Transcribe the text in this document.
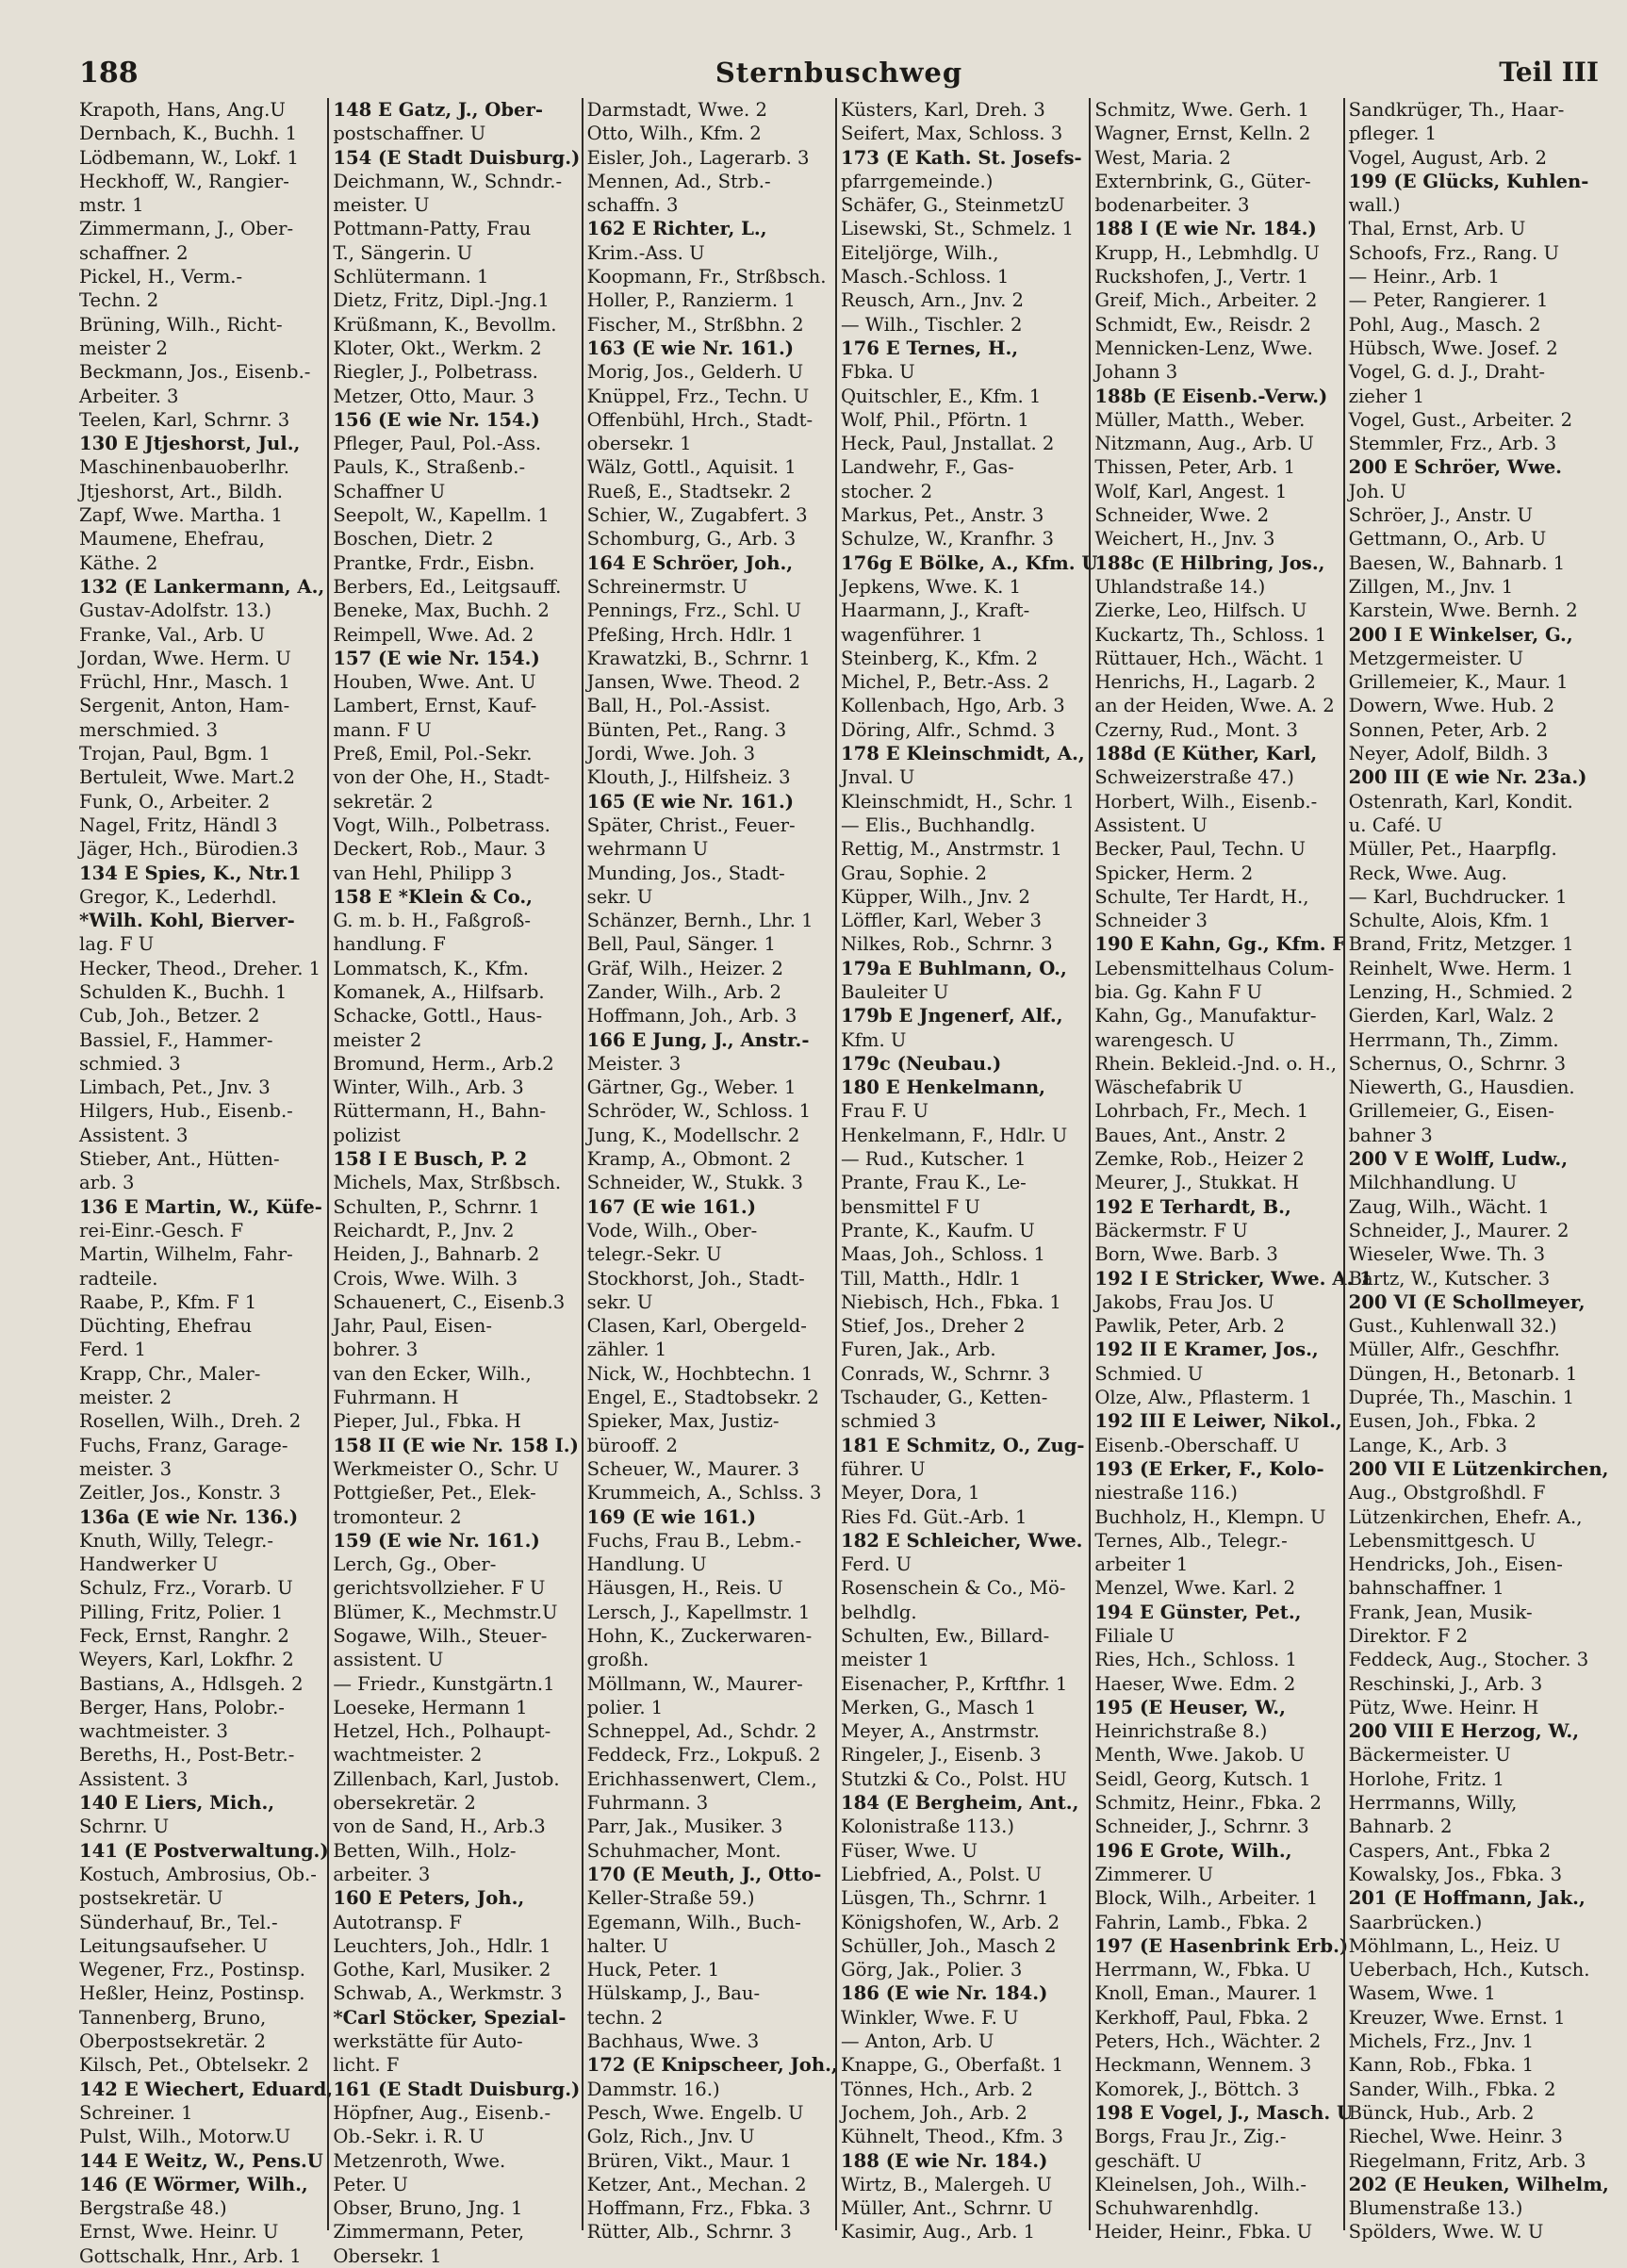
188	Sternbuschweg	Teil III
Krapoth, Hans, Ang.U
Dernbach, K., Buchh. 1
Lödbemann, W., Lokf. 1
Heckhoff, W., Rangier-
mstr. 1
Zimmermann, J., Ober-
schaffner. 2
Pickel, H., Verm.-
Techn. 2
Brüning, Wilh., Richt-
meister 2
Beckmann, Jos., Eisenb.-
Arbeiter. 3
Teelen, Karl, Schrnr. 3
130 E Jtjeshorst, Jul.,
Maschinenbauoberlhr.
Jtjeshorst, Art., Bildh.
Zapf, Wwe. Martha. 1
Maumene, Ehefrau,
Käthe. 2
132 (E Lankermann, A.,
Gustav-Adolfstr. 13.)
Franke, Val., Arb. U
Jordan, Wwe. Herm. U
Früchl, Hnr., Masch. 1
Sergenit, Anton, Ham-
merschmied. 3
Trojan, Paul, Bgm. 1
Bertuleit, Wwe. Mart.2
Funk, O., Arbeiter. 2
Nagel, Fritz, Händl 3
Jäger, Hch., Bürodien.3
134 E Spies, K., Ntr.1
Gregor, K., Lederhdl.
*Wilh. Kohl, Bierver-
lag. F U
Hecker, Theod., Dreher. 1
Schulden K., Buchh. 1
Cub, Joh., Betzer. 2
Bassiel, F., Hammer-
schmied. 3
Limbach, Pet., Jnv. 3
Hilgers, Hub., Eisenb.-
Assistent. 3
Stieber, Ant., Hütten-
arb. 3
136 E Martin, W., Küfe-
rei-Einr.-Gesch. F
Martin, Wilhelm, Fahr-
radteile.
Raabe, P., Kfm. F 1
Düchting, Ehefrau
Ferd. 1
Krapp, Chr., Maler-
meister. 2
Rosellen, Wilh., Dreh. 2
Fuchs, Franz, Garage-
meister. 3
Zeitler, Jos., Konstr. 3
136a (E wie Nr. 136.)
Knuth, Willy, Telegr.-
Handwerker U
Schulz, Frz., Vorarb. U
Pilling, Fritz, Polier. 1
Feck, Ernst, Ranghr. 2
Weyers, Karl, Lokfhr. 2
Bastians, A., Hdlsgeh. 2
Berger, Hans, Polobr.-
wachtmeister. 3
Bereths, H., Post-Betr.-
Assistent. 3
140 E Liers, Mich.,
Schrnr. U
141 (E Postverwaltung.)
Kostuch, Ambrosius, Ob.-
postsekretär. U
Sünderhauf, Br., Tel.-
Leitungsaufseher. U
Wegener, Frz., Postinsp.
Heßler, Heinz, Postinsp.
Tannenberg, Bruno,
Oberpostsekretär. 2
Kilsch, Pet., Obtelsekr. 2
142 E Wiechert, Eduard,
Schreiner. 1
Pulst, Wilh., Motorw.U
144 E Weitz, W., Pens.U
146 (E Wörmer, Wilh.,
Bergstraße 48.)
Ernst, Wwe. Heinr. U
Gottschalk, Hnr., Arb. 1
148 E Gatz, J., Ober-
postschaffner. U
154 (E Stadt Duisburg.)
Deichmann, W., Schndr.-
meister. U
Pottmann-Patty, Frau
T., Sängerin. U
Schlütermann. 1
Dietz, Fritz, Dipl.-Jng.1
Krüßmann, K., Bevollm.
Kloter, Okt., Werkm. 2
Riegler, J., Polbetrass.
Metzer, Otto, Maur. 3
156 (E wie Nr. 154.)
Pfleger, Paul, Pol.-Ass.
Pauls, K., Straßenb.-
Schaffner U
Seepolt, W., Kapellm. 1
Boschen, Dietr. 2
Prantke, Frdr., Eisbn.
Berbers, Ed., Leitgsauff.
Beneke, Max, Buchh. 2
Reimpell, Wwe. Ad. 2
157 (E wie Nr. 154.)
Houben, Wwe. Ant. U
Lambert, Ernst, Kauf-
mann. F U
Preß, Emil, Pol.-Sekr.
von der Ohe, H., Stadt-
sekretär. 2
Vogt, Wilh., Polbetrass.
Deckert, Rob., Maur. 3
van Hehl, Philipp 3
158 E *Klein & Co.,
G. m. b. H., Faßgroß-
handlung. F
Lommatsch, K., Kfm.
Komanek, A., Hilfsarb.
Schacke, Gottl., Haus-
meister 2
Bromund, Herm., Arb.2
Winter, Wilh., Arb. 3
Rüttermann, H., Bahn-
polizist
158 I E Busch, P. 2
Michels, Max, Strßbsch.
Schulten, P., Schrnr. 1
Reichardt, P., Jnv. 2
Heiden, J., Bahnarb. 2
Crois, Wwe. Wilh. 3
Schauenert, C., Eisenb.3
Jahr, Paul, Eisen-
bohrer. 3
van den Ecker, Wilh.,
Fuhrmann. H
Pieper, Jul., Fbka. H
158 II (E wie Nr. 158 I.)
Werkmeister O., Schr. U
Pottgießer, Pet., Elek-
tromonteur. 2
159 (E wie Nr. 161.)
Lerch, Gg., Ober-
gerichtsvollzieher. F U
Blümer, K., Mechmstr.U
Sogawe, Wilh., Steuer-
assistent. U
— Friedr., Kunstgärtn.1
Loeseke, Hermann 1
Hetzel, Hch., Polhaupt-
wachtmeister. 2
Zillenbach, Karl, Justob.
obersekretär. 2
von de Sand, H., Arb.3
Betten, Wilh., Holz-
arbeiter. 3
160 E Peters, Joh.,
Autotransp. F
Leuchters, Joh., Hdlr. 1
Gothe, Karl, Musiker. 2
Schwab, A., Werkmstr. 3
*Carl Stöcker, Spezial-
werkstätte für Auto-
licht. F
161 (E Stadt Duisburg.)
Höpfner, Aug., Eisenb.-
Ob.-Sekr. i. R. U
Metzenroth, Wwe.
Peter. U
Obser, Bruno, Jng. 1
Zimmermann, Peter,
Obersekr. 1
Darmstadt, Wwe. 2
Otto, Wilh., Kfm. 2
Eisler, Joh., Lagerarb. 3
Mennen, Ad., Strb.-
schaffn. 3
162 E Richter, L.,
Krim.-Ass. U
Koopmann, Fr., Strßbsch.
Holler, P., Ranzierm. 1
Fischer, M., Strßbhn. 2
163 (E wie Nr. 161.)
Morig, Jos., Gelderh. U
Knüppel, Frz., Techn. U
Offenbühl, Hrch., Stadt-
obersekr. 1
Wälz, Gottl., Aquisit. 1
Rueß, E., Stadtsekr. 2
Schier, W., Zugabfert. 3
Schomburg, G., Arb. 3
164 E Schröer, Joh.,
Schreinermstr. U
Pennings, Frz., Schl. U
Pfeßing, Hrch. Hdlr. 1
Krawatzki, B., Schrnr. 1
Jansen, Wwe. Theod. 2
Ball, H., Pol.-Assist.
Bünten, Pet., Rang. 3
Jordi, Wwe. Joh. 3
Klouth, J., Hilfsheiz. 3
165 (E wie Nr. 161.)
Später, Christ., Feuer-
wehrmann U
Munding, Jos., Stadt-
sekr. U
Schänzer, Bernh., Lhr. 1
Bell, Paul, Sänger. 1
Gräf, Wilh., Heizer. 2
Zander, Wilh., Arb. 2
Hoffmann, Joh., Arb. 3
166 E Jung, J., Anstr.-
Meister. 3
Gärtner, Gg., Weber. 1
Schröder, W., Schloss. 1
Jung, K., Modellschr. 2
Kramp, A., Obmont. 2
Schneider, W., Stukk. 3
167 (E wie 161.)
Vode, Wilh., Ober-
telegr.-Sekr. U
Stockhorst, Joh., Stadt-
sekr. U
Clasen, Karl, Obergeld-
zähler. 1
Nick, W., Hochbtechn. 1
Engel, E., Stadtobsekr. 2
Spieker, Max, Justiz-
bürooff. 2
Scheuer, W., Maurer. 3
Krummeich, A., Schlss. 3
169 (E wie 161.)
Fuchs, Frau B., Lebm.-
Handlung. U
Häusgen, H., Reis. U
Lersch, J., Kapellmstr. 1
Hohn, K., Zuckerwaren-
großh.
Möllmann, W., Maurer-
polier. 1
Schneppel, Ad., Schdr. 2
Feddeck, Frz., Lokpuß. 2
Erichhassenwert, Clem.,
Fuhrmann. 3
Parr, Jak., Musiker. 3
Schuhmacher, Mont.
170 (E Meuth, J., Otto-
Keller-Straße 59.)
Egemann, Wilh., Buch-
halter. U
Huck, Peter. 1
Hülskamp, J., Bau-
techn. 2
Bachhaus, Wwe. 3
172 (E Knipscheer, Joh.,
Dammstr. 16.)
Pesch, Wwe. Engelb. U
Golz, Rich., Jnv. U
Brüren, Vikt., Maur. 1
Ketzer, Ant., Mechan. 2
Hoffmann, Frz., Fbka. 3
Rütter, Alb., Schrnr. 3
Küsters, Karl, Dreh. 3
Seifert, Max, Schloss. 3
173 (E Kath. St. Josefs-
pfarrgemeinde.)
Schäfer, G., SteinmetzU
Lisewski, St., Schmelz. 1
Eiteljörge, Wilh.,
Masch.-Schloss. 1
Reusch, Arn., Jnv. 2
— Wilh., Tischler. 2
176 E Ternes, H.,
Fbka. U
Quitschler, E., Kfm. 1
Wolf, Phil., Pförtn. 1
Heck, Paul, Jnstallat. 2
Landwehr, F., Gas-
stocher. 2
Markus, Pet., Anstr. 3
Schulze, W., Kranfhr. 3
176g E Bölke, A., Kfm. U
Jepkens, Wwe. K. 1
Haarmann, J., Kraft-
wagenführer. 1
Steinberg, K., Kfm. 2
Michel, P., Betr.-Ass. 2
Kollenbach, Hgo, Arb. 3
Döring, Alfr., Schmd. 3
178 E Kleinschmidt, A.,
Jnval. U
Kleinschmidt, H., Schr. 1
— Elis., Buchhandlg.
Rettig, M., Anstrmstr. 1
Grau, Sophie. 2
Küpper, Wilh., Jnv. 2
Löffler, Karl, Weber 3
Nilkes, Rob., Schrnr. 3
179a E Buhlmann, O.,
Bauleiter U
179b E Jngenerf, Alf.,
Kfm. U
179c (Neubau.)
180 E Henkelmann,
Frau F. U
Henkelmann, F., Hdlr. U
— Rud., Kutscher. 1
Prante, Frau K., Le-
bensmittel F U
Prante, K., Kaufm. U
Maas, Joh., Schloss. 1
Till, Matth., Hdlr. 1
Niebisch, Hch., Fbka. 1
Stief, Jos., Dreher 2
Furen, Jak., Arb.
Conrads, W., Schrnr. 3
Tschauder, G., Ketten-
schmied 3
181 E Schmitz, O., Zug-
führer. U
Meyer, Dora, 1
Ries Fd. Güt.-Arb. 1
182 E Schleicher, Wwe.
Ferd. U
Rosenschein & Co., Mö-
belhdlg.
Schulten, Ew., Billard-
meister 1
Eisenacher, P., Krftfhr. 1
Merken, G., Masch 1
Meyer, A., Anstrmstr.
Ringeler, J., Eisenb. 3
Stutzki & Co., Polst. HU
184 (E Bergheim, Ant.,
Kolonistraße 113.)
Füser, Wwe. U
Liebfried, A., Polst. U
Lüsgen, Th., Schrnr. 1
Königshofen, W., Arb. 2
Schüller, Joh., Masch 2
Görg, Jak., Polier. 3
186 (E wie Nr. 184.)
Winkler, Wwe. F. U
— Anton, Arb. U
Knappe, G., Oberfaßt. 1
Tönnes, Hch., Arb. 2
Jochem, Joh., Arb. 2
Kühnelt, Theod., Kfm. 3
188 (E wie Nr. 184.)
Wirtz, B., Malergeh. U
Müller, Ant., Schrnr. U
Kasimir, Aug., Arb. 1
Schmitz, Wwe. Gerh. 1
Wagner, Ernst, Kelln. 2
West, Maria. 2
Externbrink, G., Güter-
bodenarbeiter. 3
188 I (E wie Nr. 184.)
Krupp, H., Lebmhdlg. U
Ruckshofen, J., Vertr. 1
Greif, Mich., Arbeiter. 2
Schmidt, Ew., Reisdr. 2
Mennicken-Lenz, Wwe.
Johann 3
188b (E Eisenb.-Verw.)
Müller, Matth., Weber.
Nitzmann, Aug., Arb. U
Thissen, Peter, Arb. 1
Wolf, Karl, Angest. 1
Schneider, Wwe. 2
Weichert, H., Jnv. 3
188c (E Hilbring, Jos.,
Uhlandstraße 14.)
Zierke, Leo, Hilfsch. U
Kuckartz, Th., Schloss. 1
Rüttauer, Hch., Wächt. 1
Henrichs, H., Lagarb. 2
an der Heiden, Wwe. A. 2
Czerny, Rud., Mont. 3
188d (E Küther, Karl,
Schweizerstraße 47.)
Horbert, Wilh., Eisenb.-
Assistent. U
Becker, Paul, Techn. U
Spicker, Herm. 2
Schulte, Ter Hardt, H.,
Schneider 3
190 E Kahn, Gg., Kfm. F
Lebensmittelhaus Colum-
bia. Gg. Kahn F U
Kahn, Gg., Manufaktur-
warengesch. U
Rhein. Bekleid.-Jnd. o. H.,
Wäschefabrik U
Lohrbach, Fr., Mech. 1
Baues, Ant., Anstr. 2
Zemke, Rob., Heizer 2
Meurer, J., Stukkat. H
192 E Terhardt, B.,
Bäckermstr. F U
Born, Wwe. Barb. 3
192 I E Stricker, Wwe. A. 1
Jakobs, Frau Jos. U
Pawlik, Peter, Arb. 2
192 II E Kramer, Jos.,
Schmied. U
Olze, Alw., Pflasterm. 1
192 III E Leiwer, Nikol.,
Eisenb.-Oberschaff. U
193 (E Erker, F., Kolo-
niestraße 116.)
Buchholz, H., Klempn. U
Ternes, Alb., Telegr.-
arbeiter 1
Menzel, Wwe. Karl. 2
194 E Günster, Pet.,
Filiale U
Ries, Hch., Schloss. 1
Haeser, Wwe. Edm. 2
195 (E Heuser, W.,
Heinrichstraße 8.)
Menth, Wwe. Jakob. U
Seidl, Georg, Kutsch. 1
Schmitz, Heinr., Fbka. 2
Schneider, J., Schrnr. 3
196 E Grote, Wilh.,
Zimmerer. U
Block, Wilh., Arbeiter. 1
Fahrin, Lamb., Fbka. 2
197 (E Hasenbrink Erb.)
Herrmann, W., Fbka. U
Knoll, Eman., Maurer. 1
Kerkhoff, Paul, Fbka. 2
Peters, Hch., Wächter. 2
Heckmann, Wennem. 3
Komorek, J., Böttch. 3
198 E Vogel, J., Masch. U
Borgs, Frau Jr., Zig.-
geschäft. U
Kleinelsen, Joh., Wilh.-
Schuhwarenhdlg.
Heider, Heinr., Fbka. U
Sandkrüger, Th., Haar-
pfleger. 1
Vogel, August, Arb. 2
199 (E Glücks, Kuhlen-
wall.)
Thal, Ernst, Arb. U
Schoofs, Frz., Rang. U
— Heinr., Arb. 1
— Peter, Rangierer. 1
Pohl, Aug., Masch. 2
Hübsch, Wwe. Josef. 2
Vogel, G. d. J., Draht-
zieher 1
Vogel, Gust., Arbeiter. 2
Stemmler, Frz., Arb. 3
200 E Schröer, Wwe.
Joh. U
Schröer, J., Anstr. U
Gettmann, O., Arb. U
Baesen, W., Bahnarb. 1
Zillgen, M., Jnv. 1
Karstein, Wwe. Bernh. 2
200 I E Winkelser, G.,
Metzgermeister. U
Grillemeier, K., Maur. 1
Dowern, Wwe. Hub. 2
Sonnen, Peter, Arb. 2
Neyer, Adolf, Bildh. 3
200 III (E wie Nr. 23a.)
Ostenrath, Karl, Kondit.
u. Café. U
Müller, Pet., Haarpflg.
Reck, Wwe. Aug.
— Karl, Buchdrucker. 1
Schulte, Alois, Kfm. 1
Brand, Fritz, Metzger. 1
Reinhelt, Wwe. Herm. 1
Lenzing, H., Schmied. 2
Gierden, Karl, Walz. 2
Herrmann, Th., Zimm.
Schernus, O., Schrnr. 3
Niewerth, G., Hausdien.
Grillemeier, G., Eisen-
bahner 3
200 V E Wolff, Ludw.,
Milchhandlung. U
Zaug, Wilh., Wächt. 1
Schneider, J., Maurer. 2
Wieseler, Wwe. Th. 3
Bartz, W., Kutscher. 3
200 VI (E Schollmeyer,
Gust., Kuhlenwall 32.)
Müller, Alfr., Geschfhr.
Düngen, H., Betonarb. 1
Duprée, Th., Maschin. 1
Eusen, Joh., Fbka. 2
Lange, K., Arb. 3
200 VII E Lützenkirchen,
Aug., Obstgroßhdl. F
Lützenkirchen, Ehefr. A.,
Lebensmittgesch. U
Hendricks, Joh., Eisen-
bahnschaffner. 1
Frank, Jean, Musik-
Direktor. F 2
Feddeck, Aug., Stocher. 3
Reschinski, J., Arb. 3
Pütz, Wwe. Heinr. H
200 VIII E Herzog, W.,
Bäckermeister. U
Horlohe, Fritz. 1
Herrmanns, Willy,
Bahnarb. 2
Caspers, Ant., Fbka 2
Kowalsky, Jos., Fbka. 3
201 (E Hoffmann, Jak.,
Saarbrücken.)
Möhlmann, L., Heiz. U
Ueberbach, Hch., Kutsch.
Wasem, Wwe. 1
Kreuzer, Wwe. Ernst. 1
Michels, Frz., Jnv. 1
Kann, Rob., Fbka. 1
Sander, Wilh., Fbka. 2
Bünck, Hub., Arb. 2
Riechel, Wwe. Heinr. 3
Riegelmann, Fritz, Arb. 3
202 (E Heuken, Wilhelm,
Blumenstraße 13.)
Spölders, Wwe. W. U
